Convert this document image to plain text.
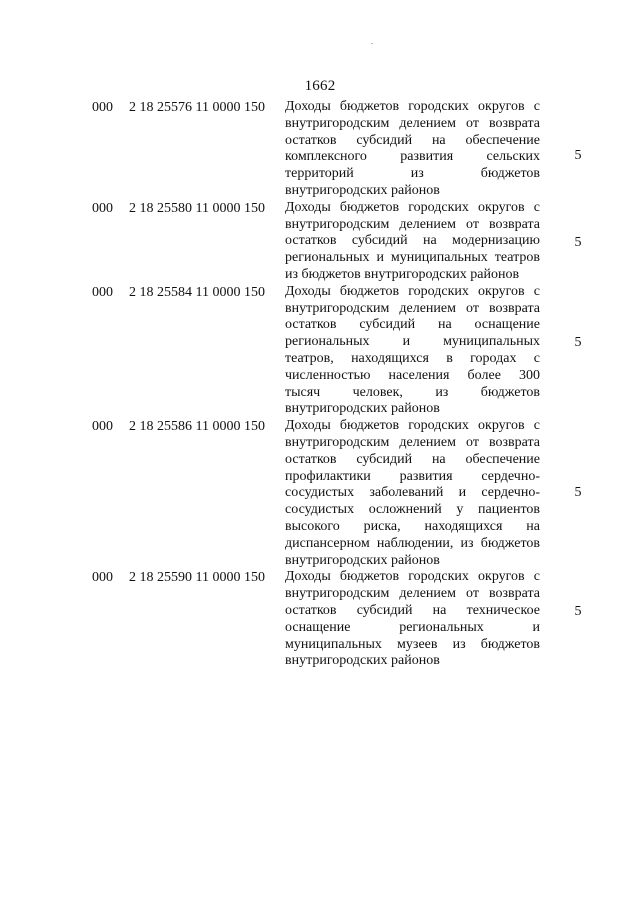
1662
000	2 18 25576 11 0000 150	Доходы бюджетов городских округов с
внутригородским делением от возврата
остатков субсидий на обеспечение
комплексного развития сельских
территорий из бюджетов
внутригородских районов
5
000	2 18 25580 11 0000 150	Доходы бюджетов городских округов с
внутригородским делением от возврата
остатков субсидий на модернизацию
региональных и муниципальных театров
из бюджетов внутригородских районов
5
000	2 18 25584 11 0000 150	Доходы бюджетов городских округов с
внутригородским делением от возврата
остатков субсидий на оснащение
региональных и муниципальных
театров, находящихся в городах с
численностью населения более 300
тысяч человек, из бюджетов
внутригородских районов
5
000	2 18 25586 11 0000 150	Доходы бюджетов городских округов с
внутригородским делением от возврата
остатков субсидий на обеспечение
профилактики развития сердечно-
сосудистых заболеваний и сердечно-
сосудистых осложнений у пациентов
высокого риска, находящихся на
диспансерном наблюдении, из бюджетов
внутригородских районов
5
000	2 18 25590 11 0000 150	Доходы бюджетов городских округов с
внутригородским делением от возврата
остатков субсидий на техническое
оснащение региональных и
муниципальных музеев из бюджетов
внутригородских районов
5
